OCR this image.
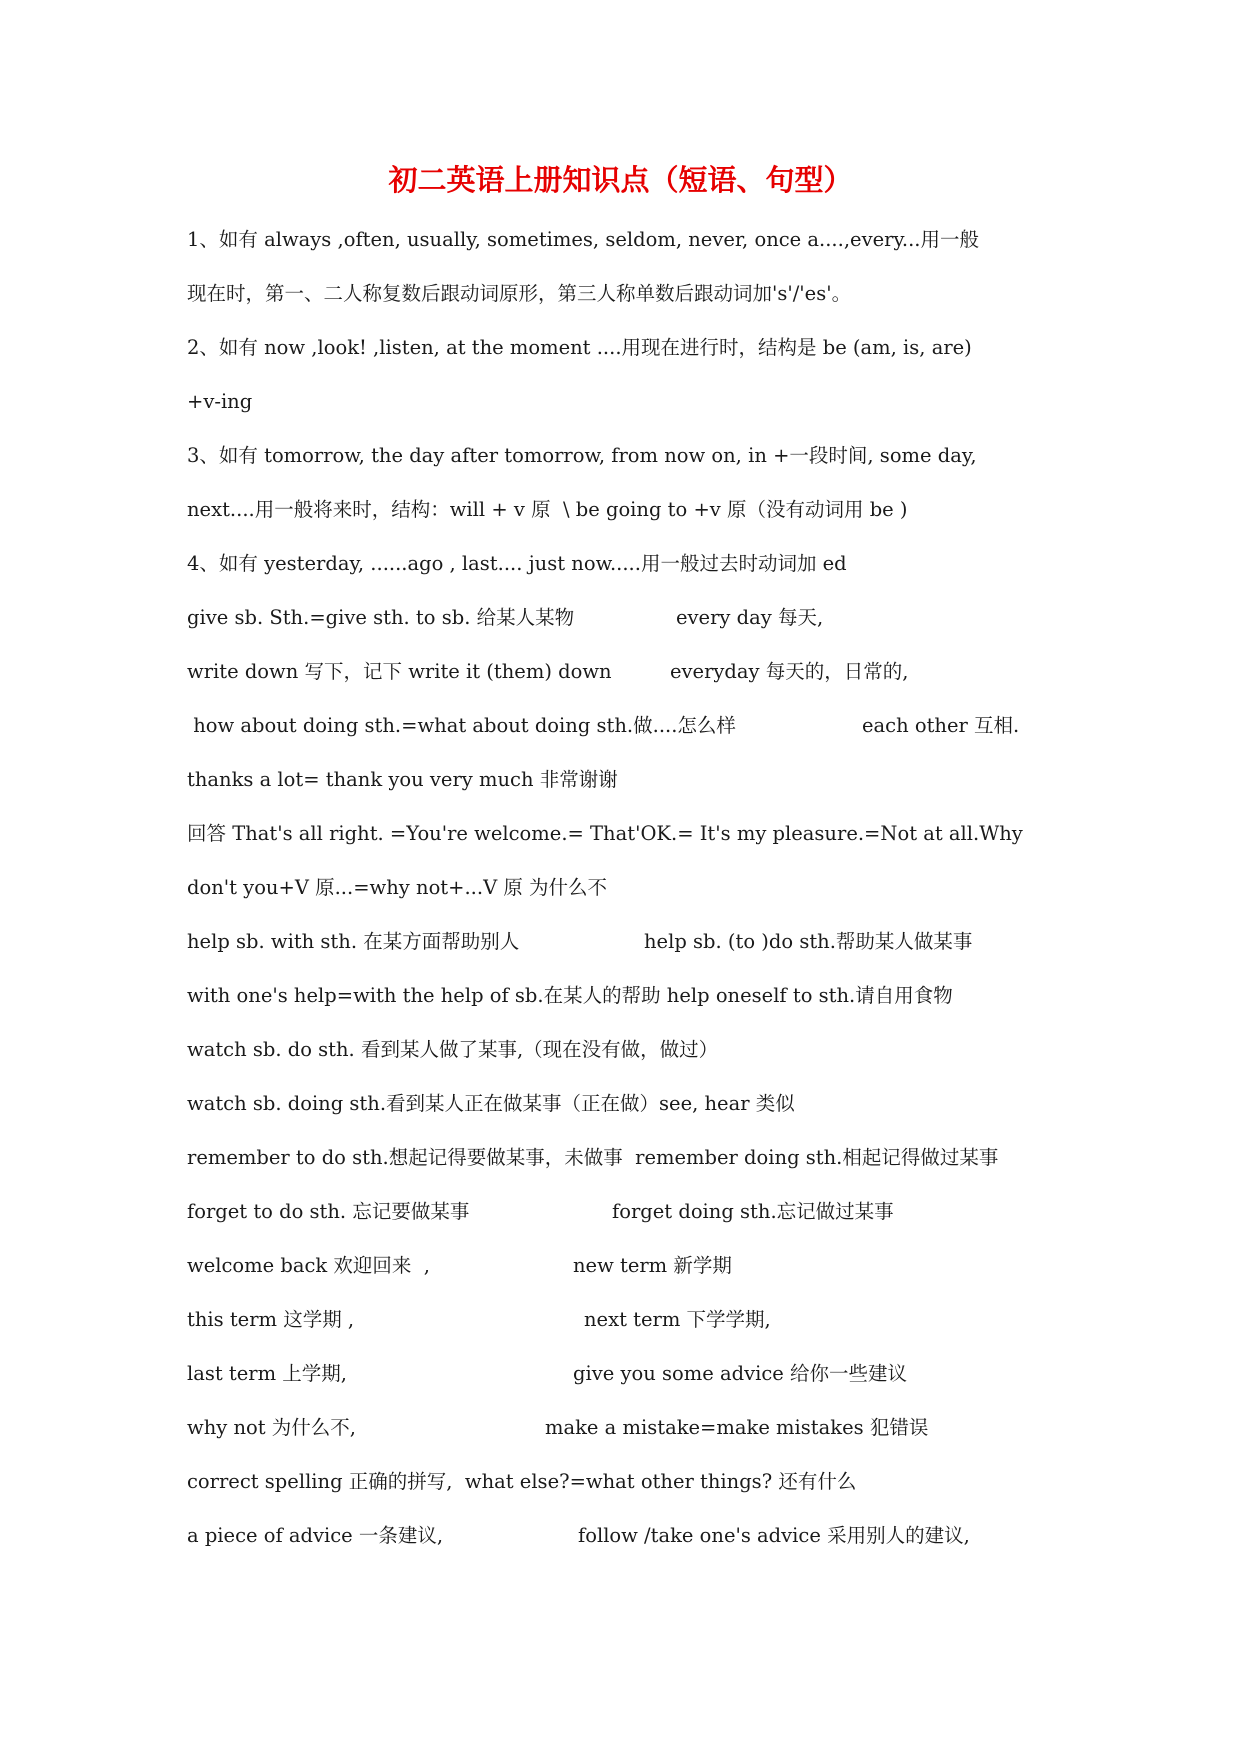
初二英语上册知识点（短语、句型）
1、如有 always ,often, usually, sometimes, seldom, never, once a....,every...用一般
现在时，第一、二人称复数后跟动词原形，第三人称单数后跟动词加's'/'es'。
2、如有 now ,look! ,listen, at the moment ....用现在进行时，结构是 be (am, is, are)
+v-ing
3、如有 tomorrow, the day after tomorrow, from now on, in +一段时间, some day,
next....用一般将来时，结构：will + v 原  \ be going to +v 原（没有动词用 be )
4、如有 yesterday, ......ago , last.... just now.....用一般过去时动词加 ed
give sb. Sth.=give sth. to sb. 给某人某物	every day 每天,
write down 写下，记下 write it (them) down	everyday 每天的，日常的,
how about doing sth.=what about doing sth.做....怎么样	each other 互相.
thanks a lot= thank you very much 非常谢谢
回答 That's all right. =You're welcome.= That'OK.= It's my pleasure.=Not at all.Why
don't you+V 原...=why not+...V 原 为什么不
help sb. with sth. 在某方面帮助别人	help sb. (to )do sth.帮助某人做某事
with one's help=with the help of sb.在某人的帮助 help oneself to sth.请自用食物
watch sb. do sth. 看到某人做了某事,（现在没有做，做过）
watch sb. doing sth.看到某人正在做某事（正在做）see, hear 类似
remember to do sth.想起记得要做某事，未做事  remember doing sth.相起记得做过某事
forget to do sth. 忘记要做某事	forget doing sth.忘记做过某事
welcome back 欢迎回来  ,	new term 新学期
this term 这学期 ,	next term 下学学期,
last term 上学期,	give you some advice 给你一些建议
why not 为什么不,	make a mistake=make mistakes 犯错误
correct spelling 正确的拼写,  what else?=what other things? 还有什么
a piece of advice 一条建议,	follow /take one's advice 采用别人的建议,
